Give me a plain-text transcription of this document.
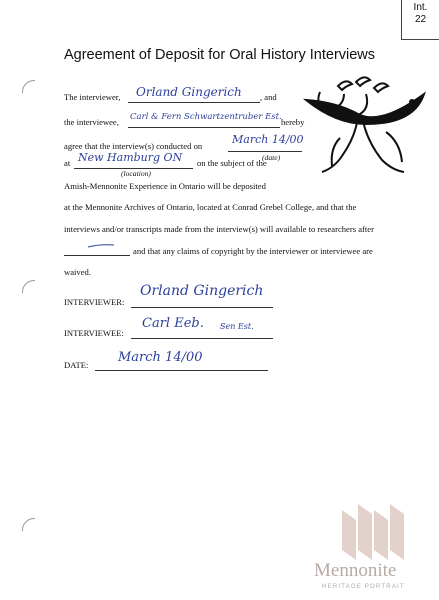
Int.
22
Agreement of Deposit for Oral History Interviews
The interviewer, Orland Gingerich , and
the interviewee, Carl & Fern Schwartzentruber Est. hereby
agree that the interview(s) conducted on	March 14/00
(date)
at New Hamburg ON on the subject of the
(location)
Amish-Mennonite Experience in Ontario will be deposited
at the Mennonite Archives of Ontario, located at Conrad Grebel College, and that the
interviews and/or transcripts made from the interview(s) will available to researchers after
and that any claims of copyright by the interviewer or interviewee are
waived.
INTERVIEWER:
Orland Gingerich
INTERVIEWEE:
Carl Eeb. Sen Est.
DATE: March 14/00
Mennonite
HERITAGE PORTRAIT
